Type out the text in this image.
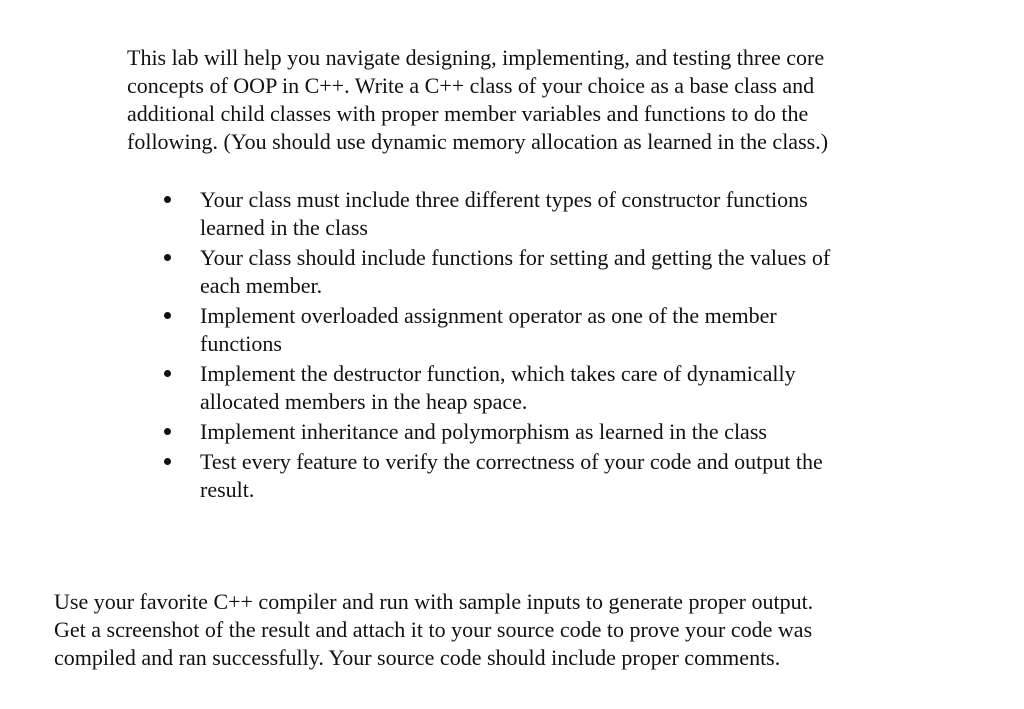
This lab will help you navigate designing, implementing, and testing three core
concepts of OOP in C++. Write a C++ class of your choice as a base class and
additional child classes with proper member variables and functions to do the
following. (You should use dynamic memory allocation as learned in the class.)

Your class must include three different types of constructor functions
learned in the class
Your class should include functions for setting and getting the values of
each member.
Implement overloaded assignment operator as one of the member
functions
Implement the destructor function, which takes care of dynamically
allocated members in the heap space.
Implement inheritance and polymorphism as learned in the class
Test every feature to verify the correctness of your code and output the
result.

Use your favorite C++ compiler and run with sample inputs to generate proper output.
Get a screenshot of the result and attach it to your source code to prove your code was
compiled and ran successfully. Your source code should include proper comments.
